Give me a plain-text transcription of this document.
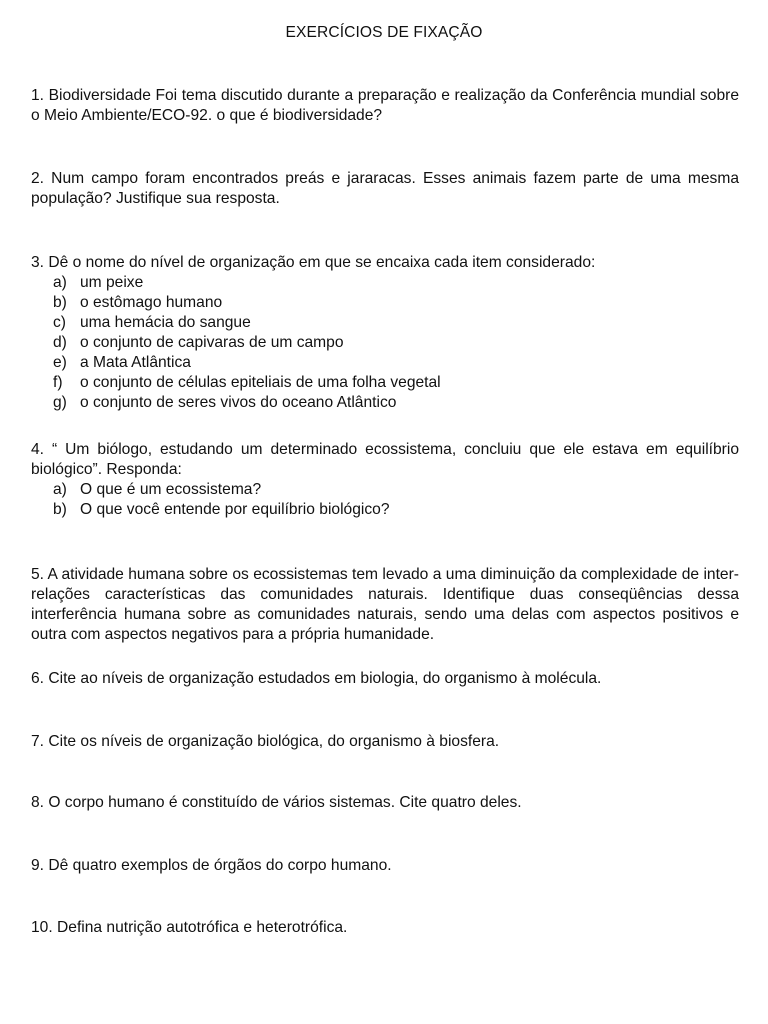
EXERCÍCIOS DE FIXAÇÃO

1. Biodiversidade Foi tema discutido durante a preparação e realização da Conferência mundial sobre o Meio Ambiente/ECO-92. o que é biodiversidade?

2. Num campo foram encontrados preás e jararacas. Esses animais fazem parte de uma mesma população? Justifique sua resposta.

3. Dê o nome do nível de organização em que se encaixa cada item considerado:

a) um peixe
b) o estômago humano
c) uma hemácia do sangue
d) o conjunto de capivaras de um campo
e) a Mata Atlântica
f) o conjunto de células epiteliais de uma folha vegetal
g) o conjunto de seres vivos do oceano Atlântico

4. “ Um biólogo, estudando um determinado ecossistema, concluiu que ele estava em equilíbrio biológico”. Responda:

a) O que é um ecossistema?
b) O que você entende por equilíbrio biológico?

5. A atividade humana sobre os ecossistemas tem levado a uma diminuição da complexidade de inter-relações características das comunidades naturais. Identifique duas conseqüências dessa interferência humana sobre as comunidades naturais, sendo uma delas com aspectos positivos e outra com aspectos negativos para a própria humanidade.

6. Cite ao níveis de organização estudados em biologia, do organismo à molécula.

7. Cite os níveis de organização biológica, do organismo à biosfera.

8. O corpo humano é constituído de vários sistemas. Cite quatro deles.

9. Dê quatro exemplos de órgãos do corpo humano.

10. Defina nutrição autotrófica e heterotrófica.
